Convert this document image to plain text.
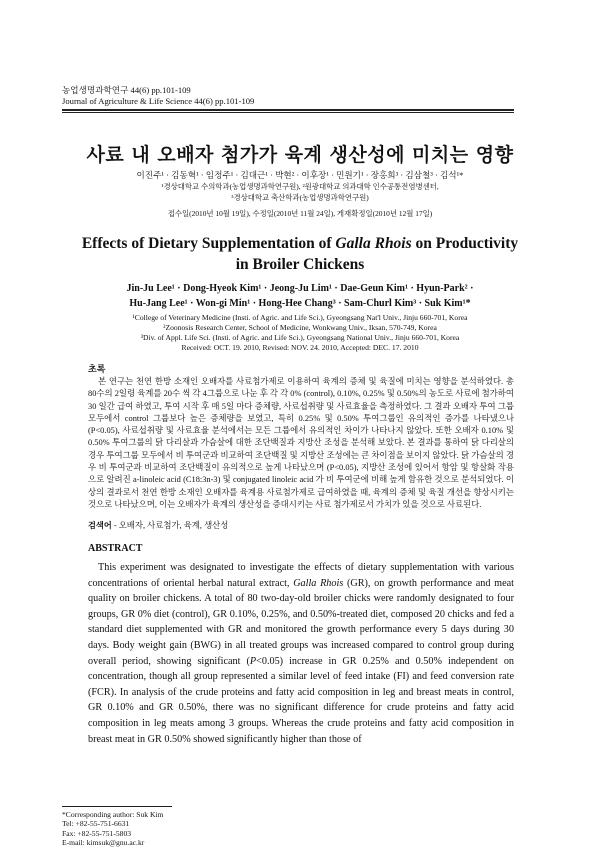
농업생명과학연구 44(6) pp.101-109
Journal of Agriculture & Life Science 44(6) pp.101-109
사료 내 오배자 첨가가 육계 생산성에 미치는 영향
이진주¹ · 김동혁¹ · 임정주¹ · 김대근¹ · 박현² · 이후장¹ · 민원기¹ · 장홍희³ · 김삼철³ · 김석¹*
¹경상대학교 수의학과(농업생명과학연구원), ²원광대학교 의과대학 인수공통전염병센터,
³경상대학교 축산학과(농업생명과학연구원)
접수일(2010년 10월 19일), 수정일(2010년 11월 24일), 게재확정일(2010년 12월 17일)
Effects of Dietary Supplementation of Galla Rhois on Productivity
in Broiler Chickens
Jin-Ju Lee¹ · Dong-Hyeok Kim¹ · Jeong-Ju Lim¹ · Dae-Geun Kim¹ · Hyun-Park² ·
Hu-Jang Lee¹ · Won-gi Min¹ · Hong-Hee Chang³ · Sam-Churl Kim³ · Suk Kim¹*
¹College of Veterinary Medicine (Insti. of Agric. and Life Sci.), Gyeongsang Nat'l Univ., Jinju 660-701, Korea
²Zoonosis Research Center, School of Medicine, Wonkwang Univ., Iksan, 570-749, Korea
³Div. of Appl. Life Sci. (Insti. of Agric. and Life Sci.), Gyeongsang National Univ., Jinju 660-701, Korea
Received: OCT. 19. 2010, Revised: NOV. 24. 2010, Accepted: DEC. 17. 2010
초록
본 연구는 천연 한방 소재인 오배자를 사료첨가제로 이용하여 육계의 증체 및 육질에 미치는 영향을 분석하였다. 총 80수의 2일령 육계를 20수 씩 각 4그룹으로 나눈 후 각 각 0% (control), 0.10%, 0.25% 및 0.50%의 농도로 사료에 첨가하여 30 일간 급여 하였고, 투여 시작 후 매 5일 마다 증체량, 사료섭취량 및 사료효율을 측정하였다. 그 결과 오배자 투여 그룹 모두에서 control 그룹보다 높은 증체량을 보였고, 특히 0.25% 및 0.50% 투여그룹인 유의적인 증가를 나타냈으나 (P<0.05), 사료섭취량 및 사료효율 분석에서는 모든 그룹에서 유의적인 차이가 나타나지 않았다. 또한 오배자 0.10% 및 0.50% 투여그룹의 닭 다리살과 가슴살에 대한 조단백질과 지방산 조성을 분석해 보았다. 본 결과를 통하여 닭 다리살의 경우 투여그룹 모두에서 비 투여군과 비교하여 조단백질 및 지방산 조성에는 큰 차이점을 보이지 않았다. 닭 가슴살의 경우 비 투여군과 비교하여 조단백질이 유의적으로 높게 나타났으며 (P<0.05), 지방산 조성에 있어서 항암 및 항살화 작용으로 알려진 a-linoleic acid (C18:3n-3) 및 conjugated linoleic acid 가 비 투여군에 비해 높게 함유한 것으로 분석되었다. 이상의 결과로서 천연 한방 소재인 오배자를 육계용 사료첨가제로 급여하였을 때, 육계의 증체 및 육질 개선을 향상시키는 것으로 나타났으며, 이는 오배자가 육계의 생산성을 증대시키는 사료 첨가제로서 가치가 있을 것으로 사료된다.
검색어 - 오배자, 사료첨가, 육계, 생산성
ABSTRACT
This experiment was designated to investigate the effects of dietary supplementation with various concentrations of oriental herbal natural extract, Galla Rhois (GR), on growth performance and meat quality on broiler chickens. A total of 80 two-day-old broiler chicks were randomly designated to four groups, GR 0% diet (control), GR 0.10%, 0.25%, and 0.50%-treated diet, composed 20 chicks and fed a standard diet supplemented with GR and monitored the growth performance every 5 days during 30 days. Body weight gain (BWG) in all treated groups was increased compared to control group during overall period, showing significant (P<0.05) increase in GR 0.25% and 0.50% independent on concentration, though all group represented a similar level of feed intake (FI) and feed conversion rate (FCR). In analysis of the crude proteins and fatty acid composition in leg and breast meats in control, GR 0.10% and GR 0.50%, there was no significant difference for crude proteins and fatty acid composition in leg meats among 3 groups. Whereas the crude proteins and fatty acid composition in breast meat in GR 0.50% showed significantly higher than those of
*Corresponding author: Suk Kim
Tel: +82-55-751-6631
Fax: +82-55-751-5803
E-mail: kimsuk@gnu.ac.kr
